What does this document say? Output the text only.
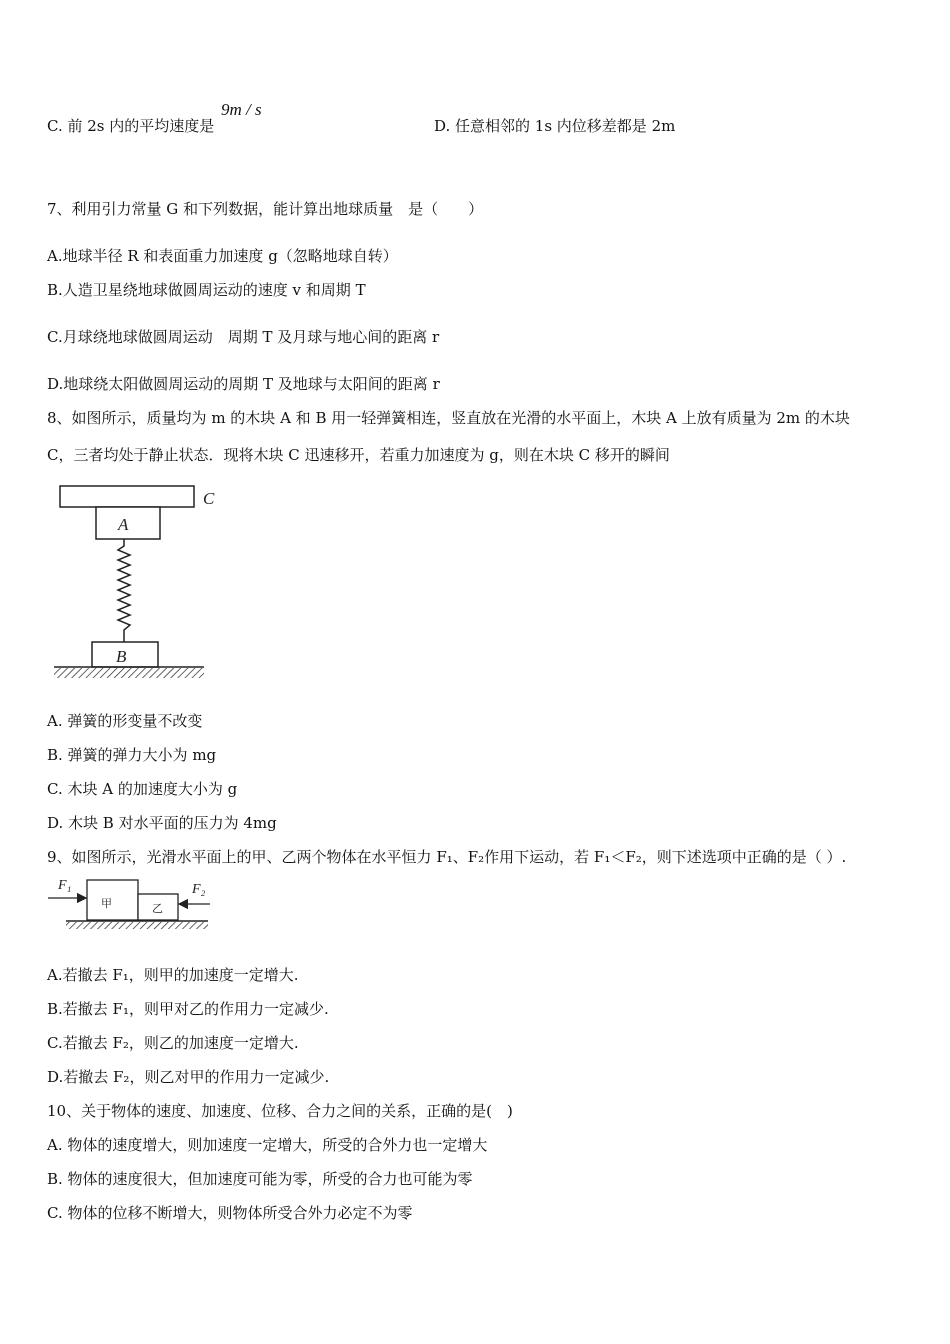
C. 前 2s 内的平均速度是
9m / s
D. 任意相邻的 1s 内位移差都是 2m
7、利用引力常量 G 和下列数据，能计算出地球质量　是（　　）
A.地球半径 R 和表面重力加速度 g（忽略地球自转）
B.人造卫星绕地球做圆周运动的速度 v 和周期 T
C.月球绕地球做圆周运动　周期 T 及月球与地心间的距离 r
D.地球绕太阳做圆周运动的周期 T 及地球与太阳间的距离 r
8、如图所示，质量均为 m 的木块 A 和 B 用一轻弹簧相连，竖直放在光滑的水平面上，木块 A 上放有质量为 2m 的木块
C，三者均处于静止状态．现将木块 C 迅速移开，若重力加速度为 g，则在木块 C 移开的瞬间
C
A
B
A. 弹簧的形变量不改变
B. 弹簧的弹力大小为 mg
C. 木块 A 的加速度大小为 g
D. 木块 B 对水平面的压力为 4mg
9、如图所示，光滑水平面上的甲、乙两个物体在水平恒力 F₁、F₂作用下运动，若 F₁＜F₂，则下述选项中正确的是（ ）.
F₁
甲	乙
F₂
A.若撤去 F₁，则甲的加速度一定增大.
B.若撤去 F₁，则甲对乙的作用力一定减少.
C.若撤去 F₂，则乙的加速度一定增大.
D.若撤去 F₂，则乙对甲的作用力一定减少.
10、关于物体的速度、加速度、位移、合力之间的关系，正确的是(　)
A. 物体的速度增大，则加速度一定增大，所受的合外力也一定增大
B. 物体的速度很大，但加速度可能为零，所受的合力也可能为零
C. 物体的位移不断增大，则物体所受合外力必定不为零
